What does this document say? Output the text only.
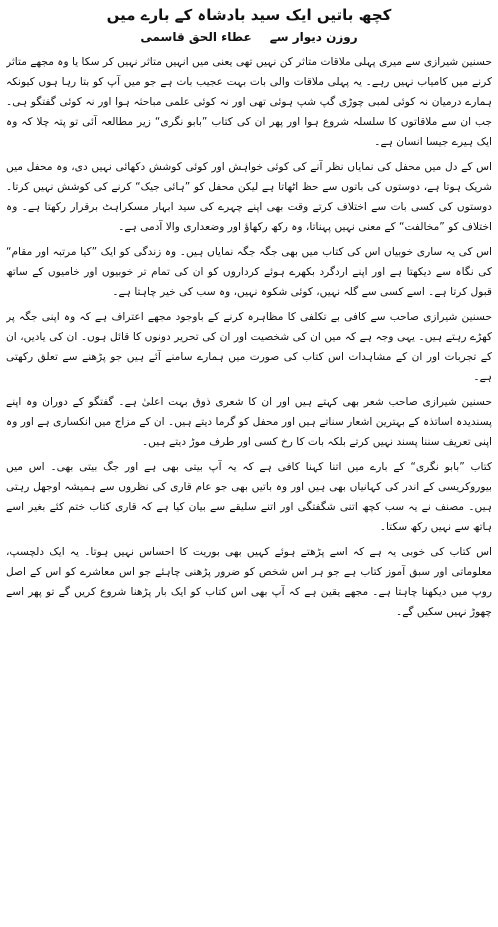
کچھ باتیں ایک سید بادشاہ کے بارے میں
روزن دیوار سے
عطاء الحق قاسمی

حسنین شیرازی سے میری پہلی ملاقات متاثر کن نہیں تھی یعنی میں انہیں متاثر نہیں کر سکا یا وہ مجھے متاثر کرنے میں کامیاب نہیں رہے۔ یہ پہلی ملاقات والی بات بہت عجیب بات ہے جو میں آپ کو بتا رہا ہوں کیونکہ ہمارے درمیان نہ کوئی لمبی چوڑی گپ شپ ہوئی تھی اور نہ کوئی علمی مباحثہ ہوا اور نہ کوئی گفتگو ہی۔ جب ان سے ملاقاتوں کا سلسلہ شروع ہوا اور پھر ان کی کتاب ”بابو نگری“ زیر مطالعہ آئی تو پتہ چلا کہ وہ ایک ہیرے جیسا انسان ہے۔

اس کے دل میں محفل کی نمایاں نظر آنے کی کوئی خواہش اور کوئی کوشش دکھائی نہیں دی، وہ محفل میں شریک ہوتا ہے، دوستوں کی باتوں سے حظ اٹھاتا ہے لیکن محفل کو ”ہائی جیک“ کرنے کی کوشش نہیں کرتا۔ دوستوں کی کسی بات سے اختلاف کرتے وقت بھی اپنے چہرے کی سید ابہار مسکراہٹ برقرار رکھتا ہے۔ وہ اختلاف کو ”مخالفت“ کے معنی نہیں پہناتا، وہ رکھ رکھاؤ اور وضعداری والا آدمی ہے۔

اس کی یہ ساری خوبیاں اس کی کتاب میں بھی جگہ جگہ نمایاں ہیں۔ وہ زندگی کو ایک ”کیا مرتبہ اور مقام“ کی نگاہ سے دیکھتا ہے اور اپنے اردگرد بکھرے ہوئے کرداروں کو ان کی تمام تر خوبیوں اور خامیوں کے ساتھ قبول کرتا ہے۔ اسے کسی سے گلہ نہیں، کوئی شکوہ نہیں، وہ سب کی خیر چاہتا ہے۔

حسنین شیرازی صاحب سے کافی بے تکلفی کا مظاہرہ کرنے کے باوجود مجھے اعتراف ہے کہ وہ اپنی جگہ پر کھڑے رہتے ہیں۔ یہی وجہ ہے کہ میں ان کی شخصیت اور ان کی تحریر دونوں کا قائل ہوں۔ ان کی یادیں، ان کے تجربات اور ان کے مشاہدات اس کتاب کی صورت میں ہمارے سامنے آئے ہیں جو پڑھنے سے تعلق رکھتی ہے۔

حسنین شیرازی صاحب شعر بھی کہتے ہیں اور ان کا شعری ذوق بہت اعلیٰ ہے۔ گفتگو کے دوران وہ اپنے پسندیدہ اساتذہ کے بہترین اشعار سناتے ہیں اور محفل کو گرما دیتے ہیں۔ ان کے مزاج میں انکساری ہے اور وہ اپنی تعریف سننا پسند نہیں کرتے بلکہ بات کا رخ کسی اور طرف موڑ دیتے ہیں۔

کتاب ”بابو نگری“ کے بارے میں اتنا کہنا کافی ہے کہ یہ آپ بیتی بھی ہے اور جگ بیتی بھی۔ اس میں بیوروکریسی کے اندر کی کہانیاں بھی ہیں اور وہ باتیں بھی جو عام قاری کی نظروں سے ہمیشہ اوجھل رہتی ہیں۔ مصنف نے یہ سب کچھ اتنی شگفتگی اور اتنے سلیقے سے بیان کیا ہے کہ قاری کتاب ختم کئے بغیر اسے ہاتھ سے نہیں رکھ سکتا۔

اس کتاب کی خوبی یہ ہے کہ اسے پڑھتے ہوئے کہیں بھی بوریت کا احساس نہیں ہوتا۔ یہ ایک دلچسپ، معلوماتی اور سبق آموز کتاب ہے جو ہر اس شخص کو ضرور پڑھنی چاہئے جو اس معاشرے کو اس کے اصل روپ میں دیکھنا چاہتا ہے۔ مجھے یقین ہے کہ آپ بھی اس کتاب کو ایک بار پڑھنا شروع کریں گے تو پھر اسے چھوڑ نہیں سکیں گے۔
